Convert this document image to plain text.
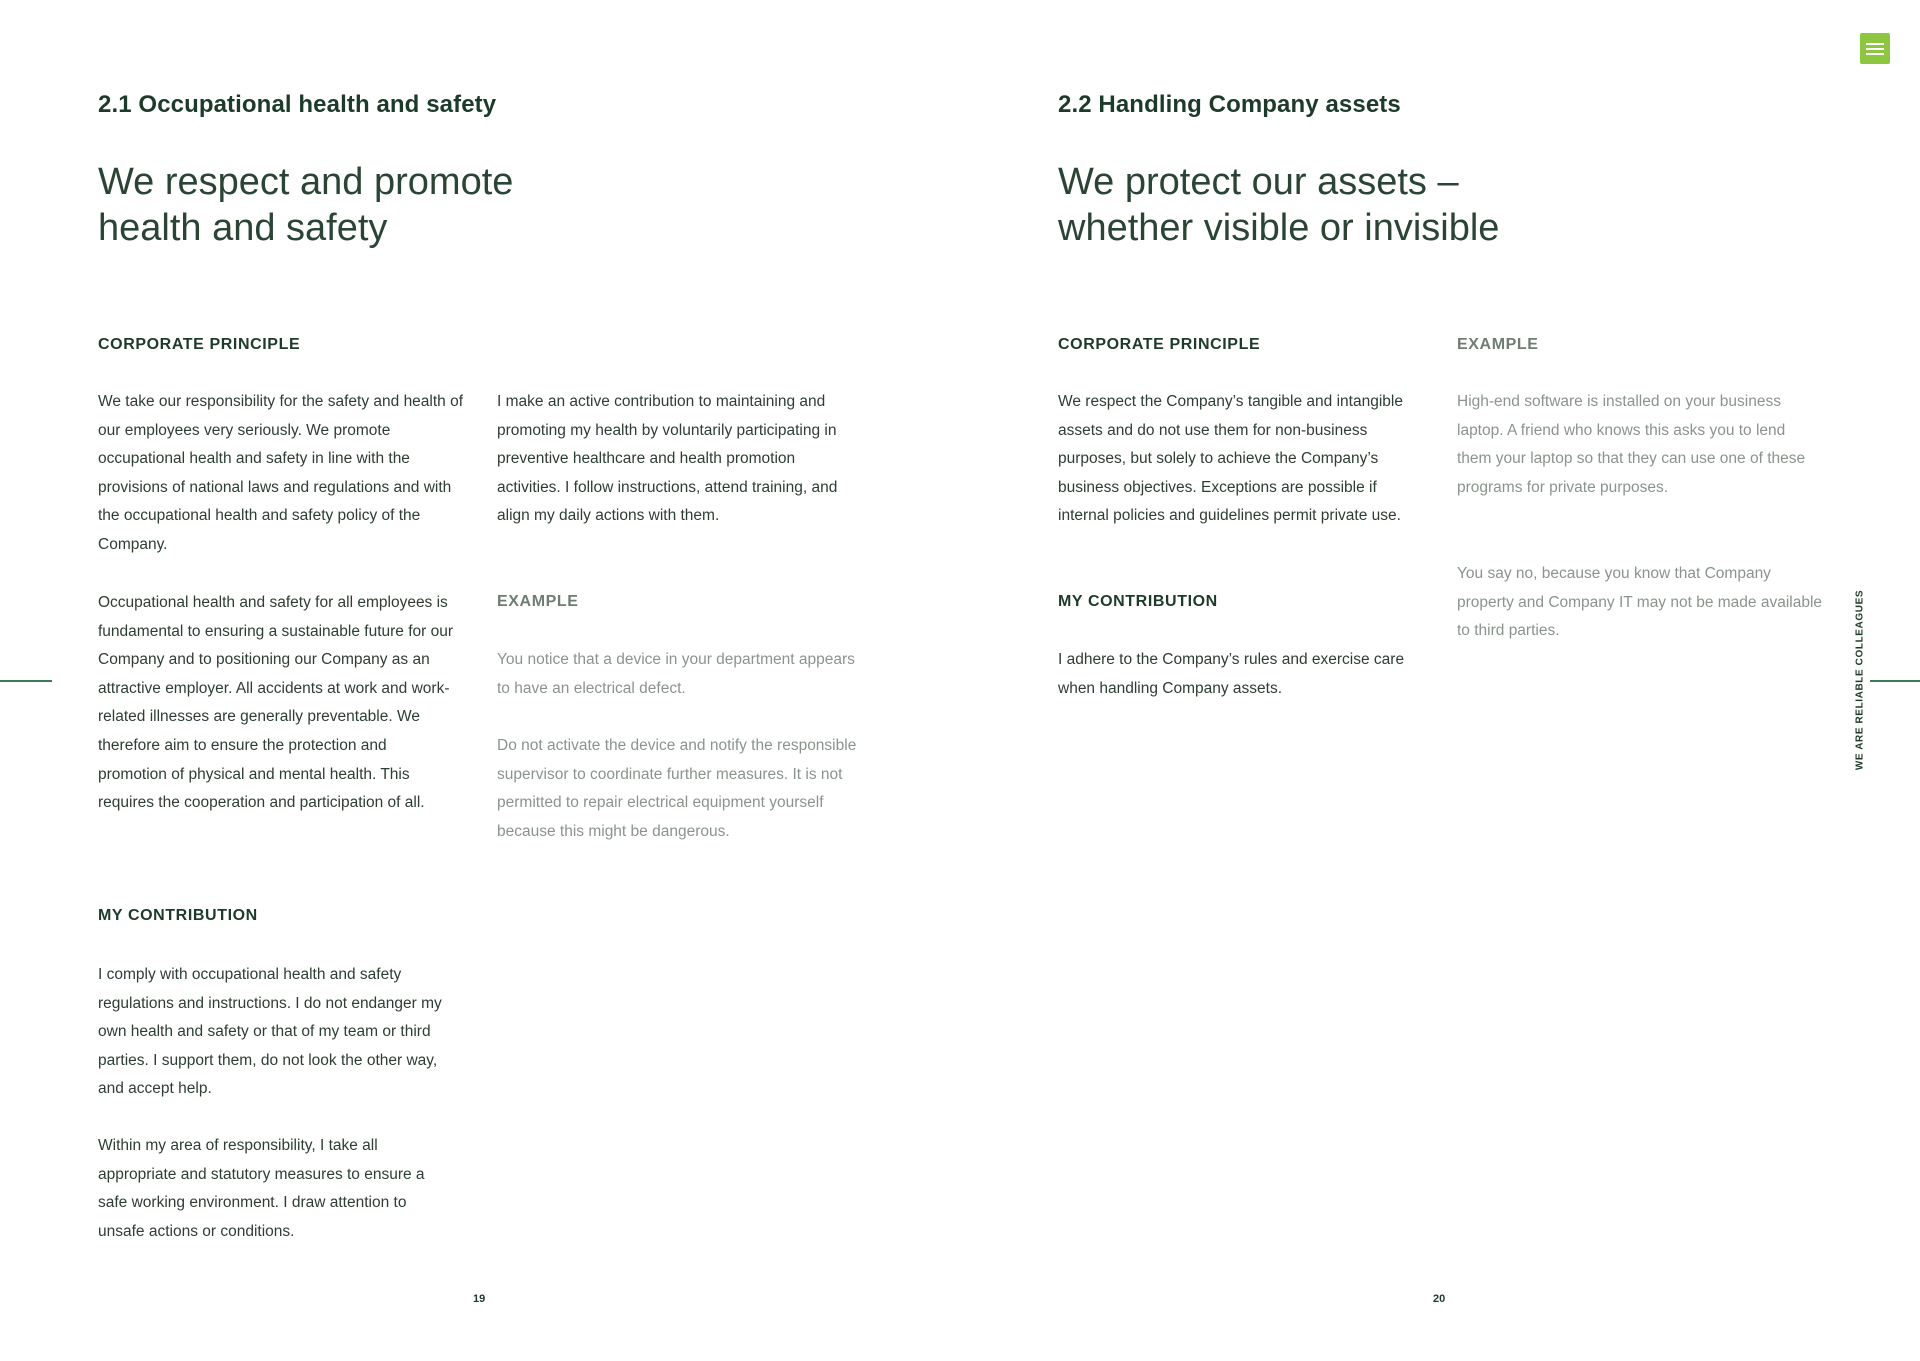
2.1 Occupational health and safety
We respect and promote
health and safety
CORPORATE PRINCIPLE

We take our responsibility for the safety and health of our employees very seriously. We promote occupational health and safety in line with the provisions of national laws and regulations and with the occupational health and safety policy of the Company.

Occupational health and safety for all employees is fundamental to ensuring a sustainable future for our Company and to positioning our Company as an attractive employer. All accidents at work and work-related illnesses are generally preventable. We therefore aim to ensure the protection and promotion of physical and mental health. This requires the cooperation and participation of all.

MY CONTRIBUTION

I comply with occupational health and safety regulations and instructions. I do not endanger my own health and safety or that of my team or third parties. I support them, do not look the other way, and accept help.

Within my area of responsibility, I take all appropriate and statutory measures to ensure a safe working environment. I draw attention to unsafe actions or conditions.

I make an active contribution to maintaining and promoting my health by voluntarily participating in preventive healthcare and health promotion activities. I follow instructions, attend training, and align my daily actions with them.

EXAMPLE

You notice that a device in your department appears to have an electrical defect.

Do not activate the device and notify the responsible supervisor to coordinate further measures. It is not permitted to repair electrical equipment yourself because this might be dangerous.

19
2.2 Handling Company assets
We protect our assets –
whether visible or invisible
CORPORATE PRINCIPLE

We respect the Company’s tangible and intangible assets and do not use them for non-business purposes, but solely to achieve the Company’s business objectives. Exceptions are possible if internal policies and guidelines permit private use.

MY CONTRIBUTION

I adhere to the Company’s rules and exercise care when handling Company assets.

EXAMPLE

High-end software is installed on your business laptop. A friend who knows this asks you to lend them your laptop so that they can use one of these programs for private purposes.

You say no, because you know that Company property and Company IT may not be made available to third parties.

20
WE ARE RELIABLE COLLEAGUES
